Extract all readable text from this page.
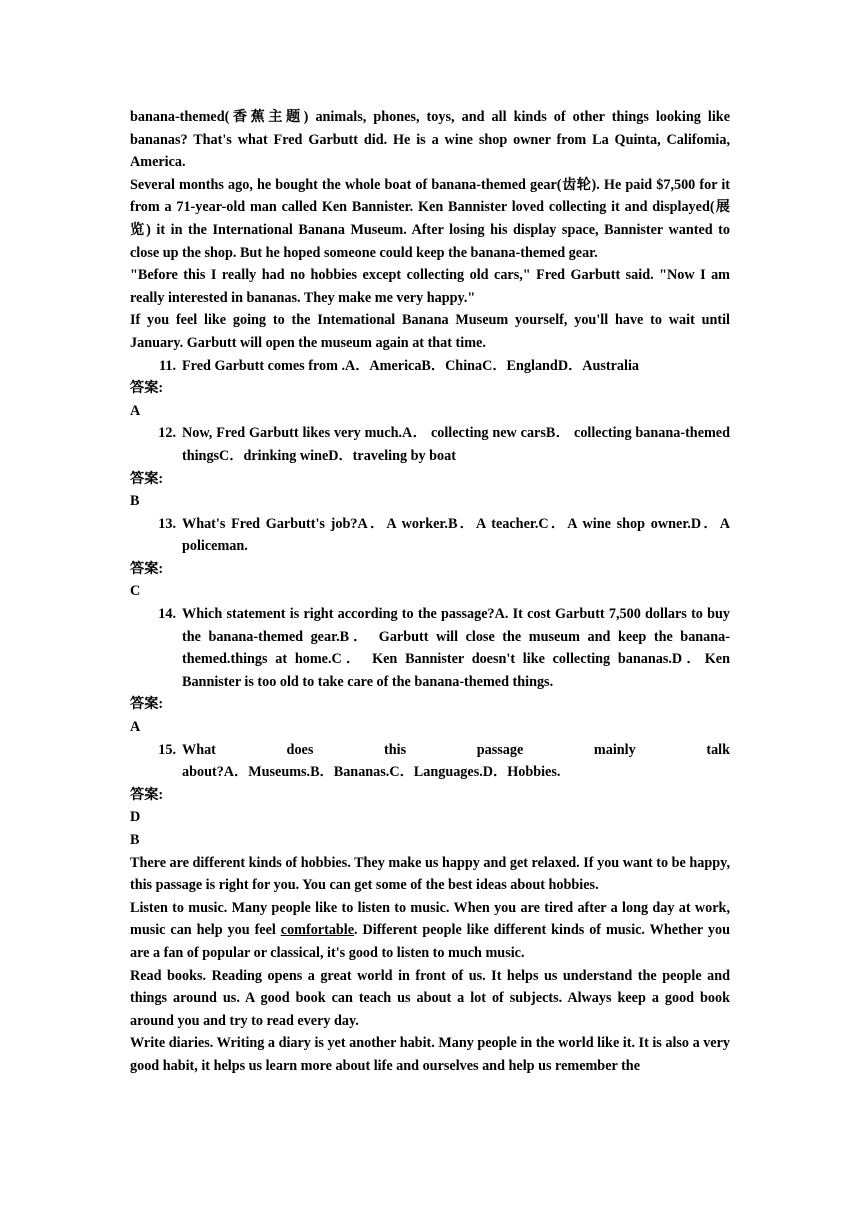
banana-themed(香蕉主题) animals, phones, toys, and all kinds of other things looking like bananas? That's what Fred Garbutt did. He is a wine shop owner from La Quinta, Califomia, America.

Several months ago, he bought the whole boat of banana-themed gear(齿轮). He paid $7,500 for it from a 71-year-old man called Ken Bannister. Ken Bannister loved collecting it and displayed(展览) it in the International Banana Museum. After losing his display space, Bannister wanted to close up the shop. But he hoped someone could keep the banana-themed gear.

"Before this I really had no hobbies except collecting old cars," Fred Garbutt said. "Now I am really interested in bananas. They make me very happy."

If you feel like going to the Intemational Banana Museum yourself, you'll have to wait until January. Garbutt will open the museum again at that time.

11. Fred Garbutt comes from .A．AmericaB．ChinaC．EnglandD．Australia

答案:

A

12. Now, Fred Garbutt likes very much.A． collecting new carsB． collecting banana-themed thingsC．drinking wineD．traveling by boat

答案:

B

13. What's Fred Garbutt's job?A．A worker.B．A teacher.C．A wine shop owner.D．A policeman.

答案:

C

14. Which statement is right according to the passage?A. It cost Garbutt 7,500 dollars to buy the banana-themed gear.B． Garbutt will close the museum and keep the banana-themed.things at home.C． Ken Bannister doesn't like collecting bananas.D．Ken Bannister is too old to take care of the banana-themed things.

答案:

A

15. What does this passage mainly talk
about?A．Museums.B．Bananas.C．Languages.D．Hobbies.

答案:

D

B

There are different kinds of hobbies. They make us happy and get relaxed. If you want to be happy, this passage is right for you. You can get some of the best ideas about hobbies.

Listen to music. Many people like to listen to music. When you are tired after a long day at work, music can help you feel comfortable. Different people like different kinds of music. Whether you are a fan of popular or classical, it's good to listen to much music.

Read books. Reading opens a great world in front of us. It helps us understand the people and things around us. A good book can teach us about a lot of subjects. Always keep a good book around you and try to read every day.

Write diaries. Writing a diary is yet another habit. Many people in the world like it. It is also a very good habit, it helps us learn more about life and ourselves and help us remember the
